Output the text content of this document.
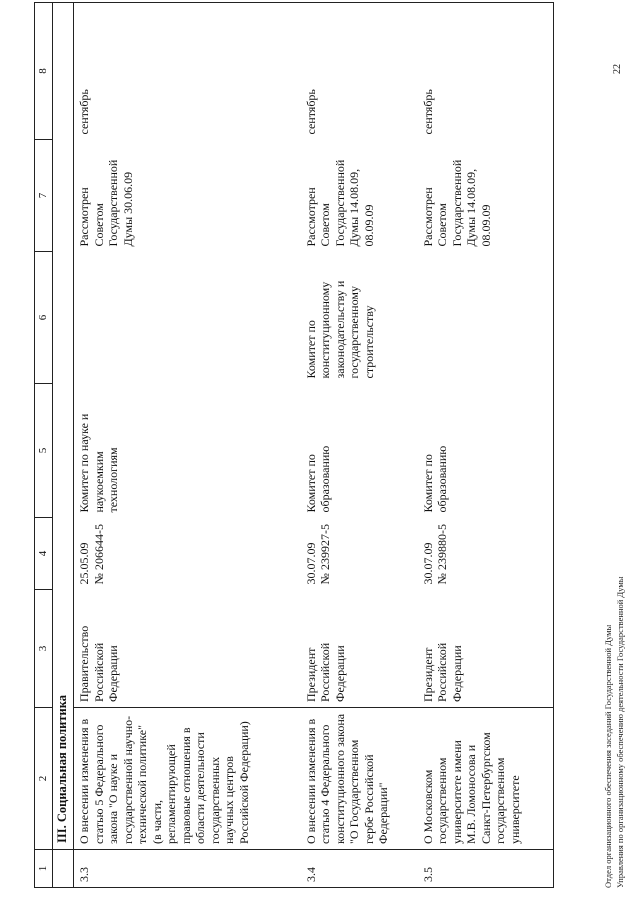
1	2	3	4	5	6	7	8
	III. Социальная политика						
3.3	О внесении изменения в статью 5 Федерального закона "О науке и государственной научно-технической политике" (в части, регламентирующей правовые отношения в области деятельности государственных научных центров Российской Федерации)	Правительство Российской Федерации	25.05.09 № 206644-5	Комитет по науке и наукоемким технологиям		Рассмотрен Советом Государственной Думы 30.06.09	сентябрь
3.4	О внесении изменения в статью 4 Федерального конституционного закона "О Государственном гербе Российской Федерации"	Президент Российской Федерации	30.07.09 № 239927-5	Комитет по образованию	Комитет по конституционному законодательству и государственному строительству	Рассмотрен Советом Государственной Думы 14.08.09, 08.09.09	сентябрь
3.5	О Московском государственном университете имени М.В. Ломоносова и Санкт-Петербургском государственном университете	Президент Российской Федерации	30.07.09 № 239880-5	Комитет по образованию		Рассмотрен Советом Государственной Думы 14.08.09, 08.09.09	сентябрь
Отдел организационного обеспечения заседаний Государственной Думы Управления по организационному обеспечению деятельности Государственной Думы
22
